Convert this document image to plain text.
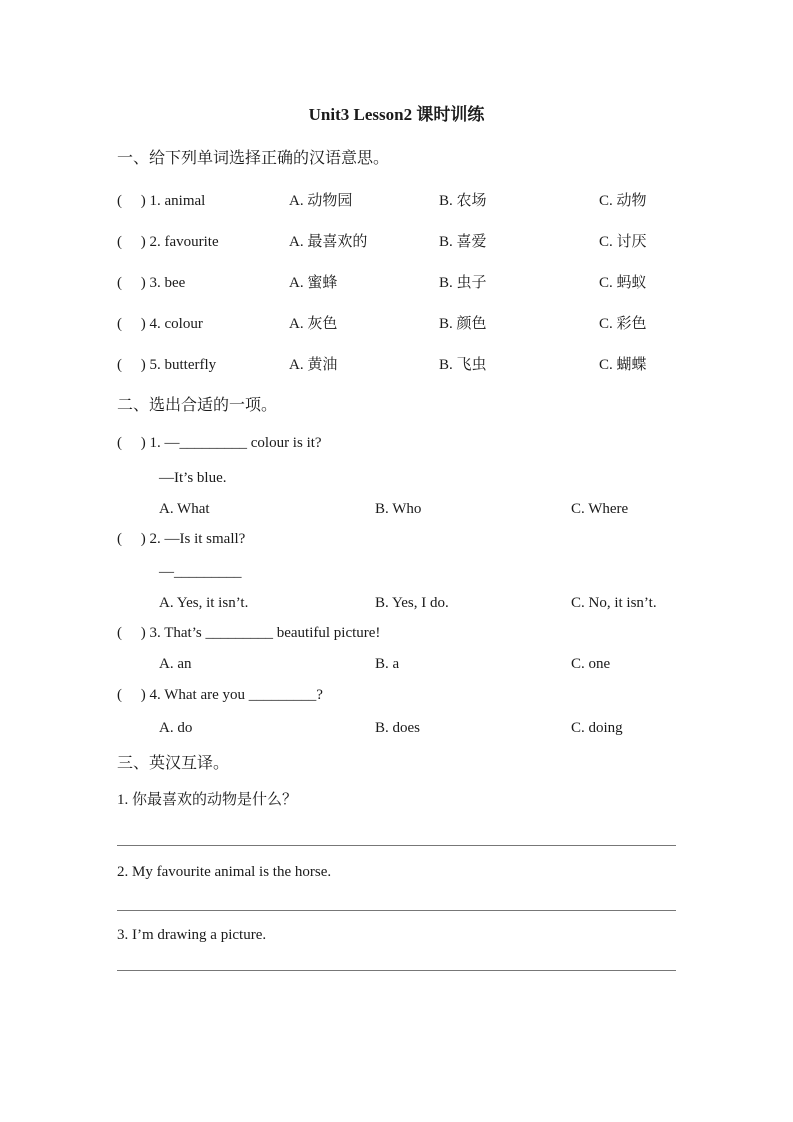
Unit3 Lesson2 课时训练
一、给下列单词选择正确的汉语意思。
(　 ) 1. animal	A. 动物园	B. 农场	C. 动物
(　 ) 2. favourite	A. 最喜欢的	B. 喜爱	C. 讨厌
(　 ) 3. bee	A. 蜜蜂	B. 虫子	C. 蚂蚁
(　 ) 4. colour	A. 灰色	B. 颜色	C. 彩色
(　 ) 5. butterfly	A. 黄油	B. 飞虫	C. 蝴蝶
二、选出合适的一项。
(　 ) 1. —_________ colour is it?
—It’s blue.
A. What	B. Who	C. Where
(　 ) 2. —Is it small?
—_________
A. Yes, it isn’t.	B. Yes, I do.	C. No, it isn’t.
(　 ) 3. That’s _________ beautiful picture!
A. an	B. a	C. one
(　 ) 4. What are you _________?
A. do	B. does	C. doing
三、英汉互译。
1. 你最喜欢的动物是什么？
2. My favourite animal is the horse.
3. I’m drawing a picture.
